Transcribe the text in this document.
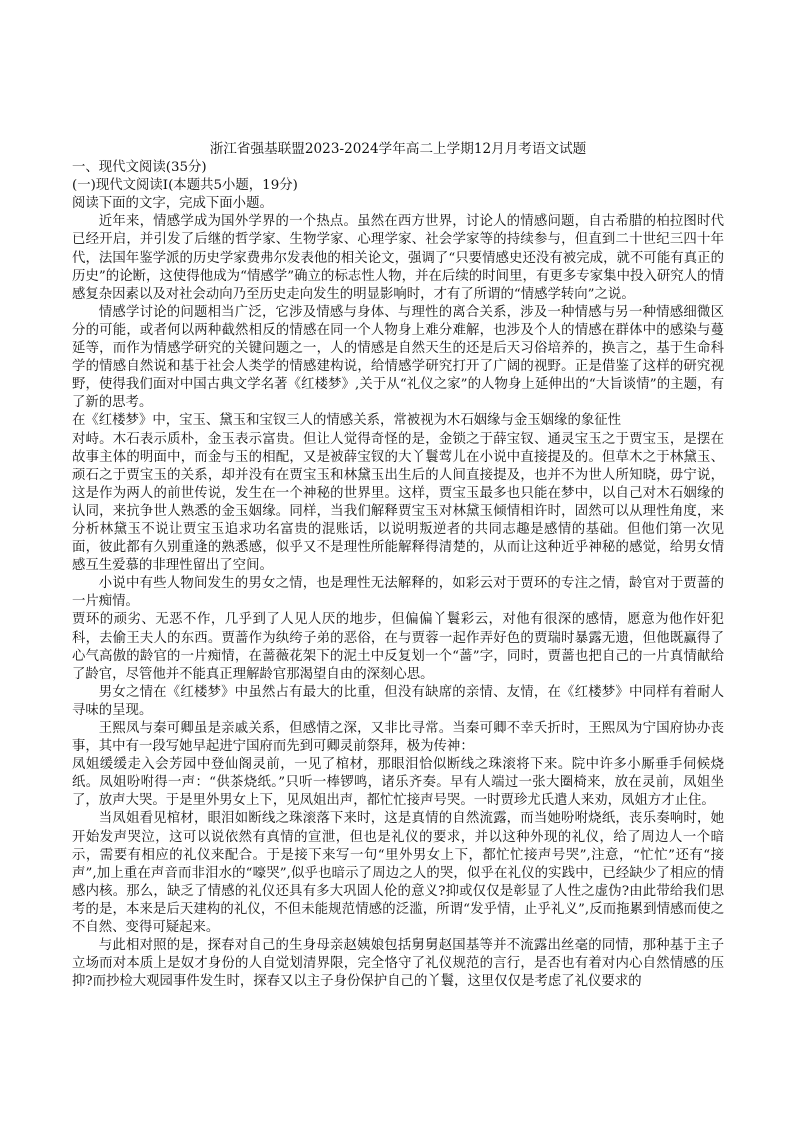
浙江省强基联盟2023-2024学年高二上学期12月月考语文试题

一、现代文阅读(35分)

(一)现代文阅读I(本题共5小题，19分)

阅读下面的文字，完成下面小题。

近年来，情感学成为国外学界的一个热点。虽然在西方世界，讨论人的情感问题，自古希腊的柏拉图时代已经开启，并引发了后继的哲学家、生物学家、心理学家、社会学家等的持续参与，但直到二十世纪三四十年代，法国年鉴学派的历史学家费弗尔发表他的相关论文，强调了“只要情感史还没有被完成，就不可能有真正的历史”的论断，这使得他成为“情感学”确立的标志性人物，并在后续的时间里，有更多专家集中投入研究人的情感复杂因素以及对社会动向乃至历史走向发生的明显影响时，才有了所谓的“情感学转向”之说。

情感学讨论的问题相当广泛，它涉及情感与身体、与理性的离合关系，涉及一种情感与另一种情感细微区分的可能，或者何以两种截然相反的情感在同一个人物身上难分难解，也涉及个人的情感在群体中的感染与蔓延等，而作为情感学研究的关键问题之一，人的情感是自然天生的还是后天习俗培养的，换言之，基于生命科学的情感自然说和基于社会人类学的情感建构说，给情感学研究打开了广阔的视野。正是借鉴了这样的研究视野，使得我们面对中国古典文学名著《红楼梦》,关于从“礼仪之家”的人物身上延伸出的“大旨谈情”的主题，有了新的思考。

在《红楼梦》中，宝玉、黛玉和宝钗三人的情感关系，常被视为木石姻缘与金玉姻缘的象征性

对峙。木石表示质朴，金玉表示富贵。但让人觉得奇怪的是，金锁之于薛宝钗、通灵宝玉之于贾宝玉，是摆在故事主体的明面中，而金与玉的相配，又是被薛宝钗的大丫鬟莺儿在小说中直接提及的。但草木之于林黛玉、顽石之于贾宝玉的关系，却并没有在贾宝玉和林黛玉出生后的人间直接提及，也并不为世人所知晓，毋宁说，这是作为两人的前世传说，发生在一个神秘的世界里。这样，贾宝玉最多也只能在梦中，以自己对木石姻缘的认同，来抗争世人熟悉的金玉姻缘。同样，当我们解释贾宝玉对林黛玉倾情相许时，固然可以从理性角度，来分析林黛玉不说让贾宝玉追求功名富贵的混账话，以说明叛逆者的共同志趣是感情的基础。但他们第一次见面，彼此都有久别重逢的熟悉感，似乎又不是理性所能解释得清楚的，从而让这种近乎神秘的感觉，给男女情感互生爱慕的非理性留出了空间。

小说中有些人物间发生的男女之情，也是理性无法解释的，如彩云对于贾环的专注之情，龄官对于贾蔷的一片痴情。

贾环的顽劣、无恶不作，几乎到了人见人厌的地步，但偏偏丫鬟彩云，对他有很深的感情，愿意为他作奸犯科，去偷王夫人的东西。贾蔷作为纨绔子弟的恶俗，在与贾蓉一起作弄好色的贾瑞时暴露无遗，但他既赢得了心气高傲的龄官的一片痴情，在蔷薇花架下的泥土中反复划一个“蔷”字，同时，贾蔷也把自己的一片真情献给了龄官，尽管他并不能真正理解龄官那渴望自由的深刻心思。

男女之情在《红楼梦》中虽然占有最大的比重，但没有缺席的亲情、友情，在《红楼梦》中同样有着耐人寻味的呈现。

王熙凤与秦可卿虽是亲戚关系，但感情之深，又非比寻常。当秦可卿不幸夭折时，王熙凤为宁国府协办丧事，其中有一段写她早起进宁国府而先到可卿灵前祭拜，极为传神：

凤姐缓缓走入会芳园中登仙阁灵前，一见了棺材，那眼泪恰似断线之珠滚将下来。院中许多小厮垂手伺候烧纸。凤姐吩咐得一声：“供茶烧纸。”只听一棒锣鸣，诸乐齐奏。早有人端过一张大圈椅来，放在灵前，凤姐坐了，放声大哭。于是里外男女上下，见凤姐出声，都忙忙接声号哭。一时贾珍尤氏遣人来劝，凤姐方才止住。

当凤姐看见棺材，眼泪如断线之珠滚落下来时，这是真情的自然流露，而当她吩咐烧纸，丧乐奏响时，她开始发声哭泣，这可以说依然有真情的宣泄，但也是礼仪的要求，并以这种外现的礼仪，给了周边人一个暗示，需要有相应的礼仪来配合。于是接下来写一句“里外男女上下，都忙忙接声号哭”,注意，“忙忙”还有“接声”,加上重在声音而非泪水的“嚎哭”,似乎也暗示了周边之人的哭，似乎在礼仪的实践中，已经缺少了相应的情感内核。那么，缺乏了情感的礼仪还具有多大巩固人伦的意义?抑或仅仅是彰显了人性之虚伪?由此带给我们思考的是，本来是后天建构的礼仪，不但未能规范情感的泛滥，所谓“发乎情，止乎礼义”,反而拖累到情感而使之不自然、变得可疑起来。

与此相对照的是，探春对自己的生身母亲赵姨娘包括舅舅赵国基等并不流露出丝毫的同情，那种基于主子立场而对本质上是奴才身份的人自觉划清界限，完全恪守了礼仪规范的言行，是否也有着对内心自然情感的压抑?而抄检大观园事件发生时，探春又以主子身份保护自己的丫鬟，这里仅仅是考虑了礼仪要求的
